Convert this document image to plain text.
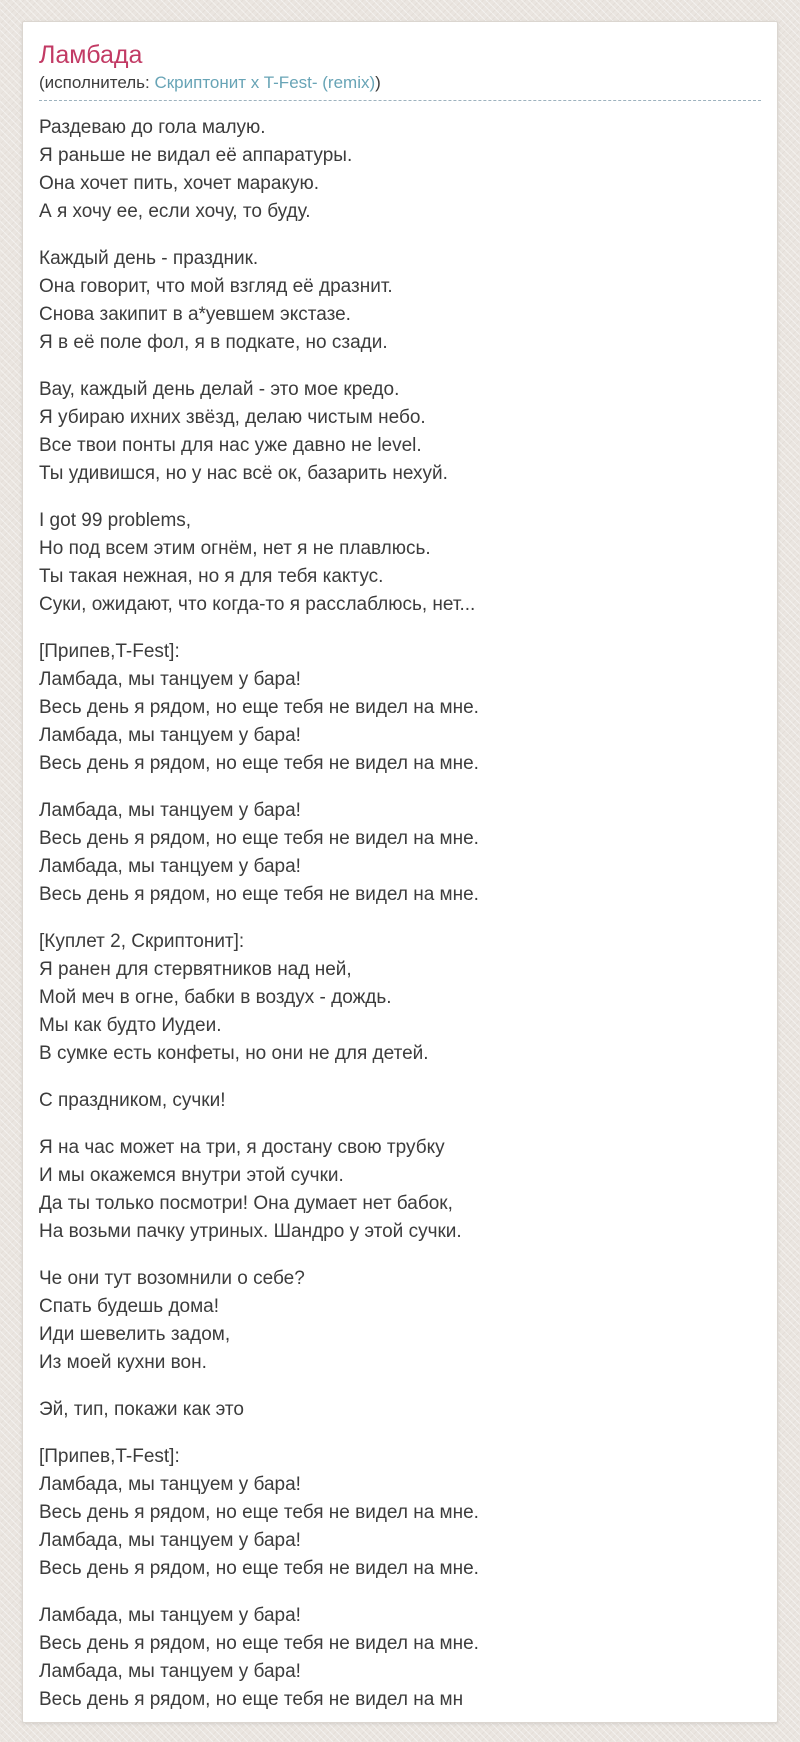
Ламбада
(исполнитель: Скриптонит x T-Fest- (remix))

Раздеваю до гола малую.
Я раньше не видал её аппаратуры.
Она хочет пить, хочет маракую.
А я хочу ее, если хочу, то буду.

Каждый день - праздник.
Она говорит, что мой взгляд её дразнит.
Снова закипит в а*уевшем экстазе.
Я в её поле фол, я в подкате, но сзади.

Вау, каждый день делай - это мое кредо.
Я убираю ихних звёзд, делаю чистым небо.
Все твои понты для нас уже давно не level.
Ты удивишся, но у нас всё ок, базарить нехуй.

I got 99 problems,
Но под всем этим огнём, нет я не плавлюсь.
Ты такая нежная, но я для тебя кактус.
Суки, ожидают, что когда-то я расслаблюсь, нет...

[Припев,T-Fest]:
Ламбада, мы танцуем у бара!
Весь день я рядом, но еще тебя не видел на мне.
Ламбада, мы танцуем у бара!
Весь день я рядом, но еще тебя не видел на мне.

Ламбада, мы танцуем у бара!
Весь день я рядом, но еще тебя не видел на мне.
Ламбада, мы танцуем у бара!
Весь день я рядом, но еще тебя не видел на мне.

[Куплет 2, Скриптонит]:
Я ранен для стервятников над ней,
Мой меч в огне, бабки в воздух - дождь.
Мы как будто Иудеи.
В сумке есть конфеты, но они не для детей.

С праздником, сучки!

Я на час может на три, я достану свою трубку
И мы окажемся внутри этой сучки.
Да ты только посмотри! Она думает нет бабок,
На возьми пачку утриных. Шандро у этой сучки.

Че они тут возомнили о себе?
Спать будешь дома!
Иди шевелить задом,
Из моей кухни вон.

Эй, тип, покажи как это

[Припев,T-Fest]:
Ламбада, мы танцуем у бара!
Весь день я рядом, но еще тебя не видел на мне.
Ламбада, мы танцуем у бара!
Весь день я рядом, но еще тебя не видел на мне.

Ламбада, мы танцуем у бара!
Весь день я рядом, но еще тебя не видел на мне.
Ламбада, мы танцуем у бара!
Весь день я рядом, но еще тебя не видел на мн
